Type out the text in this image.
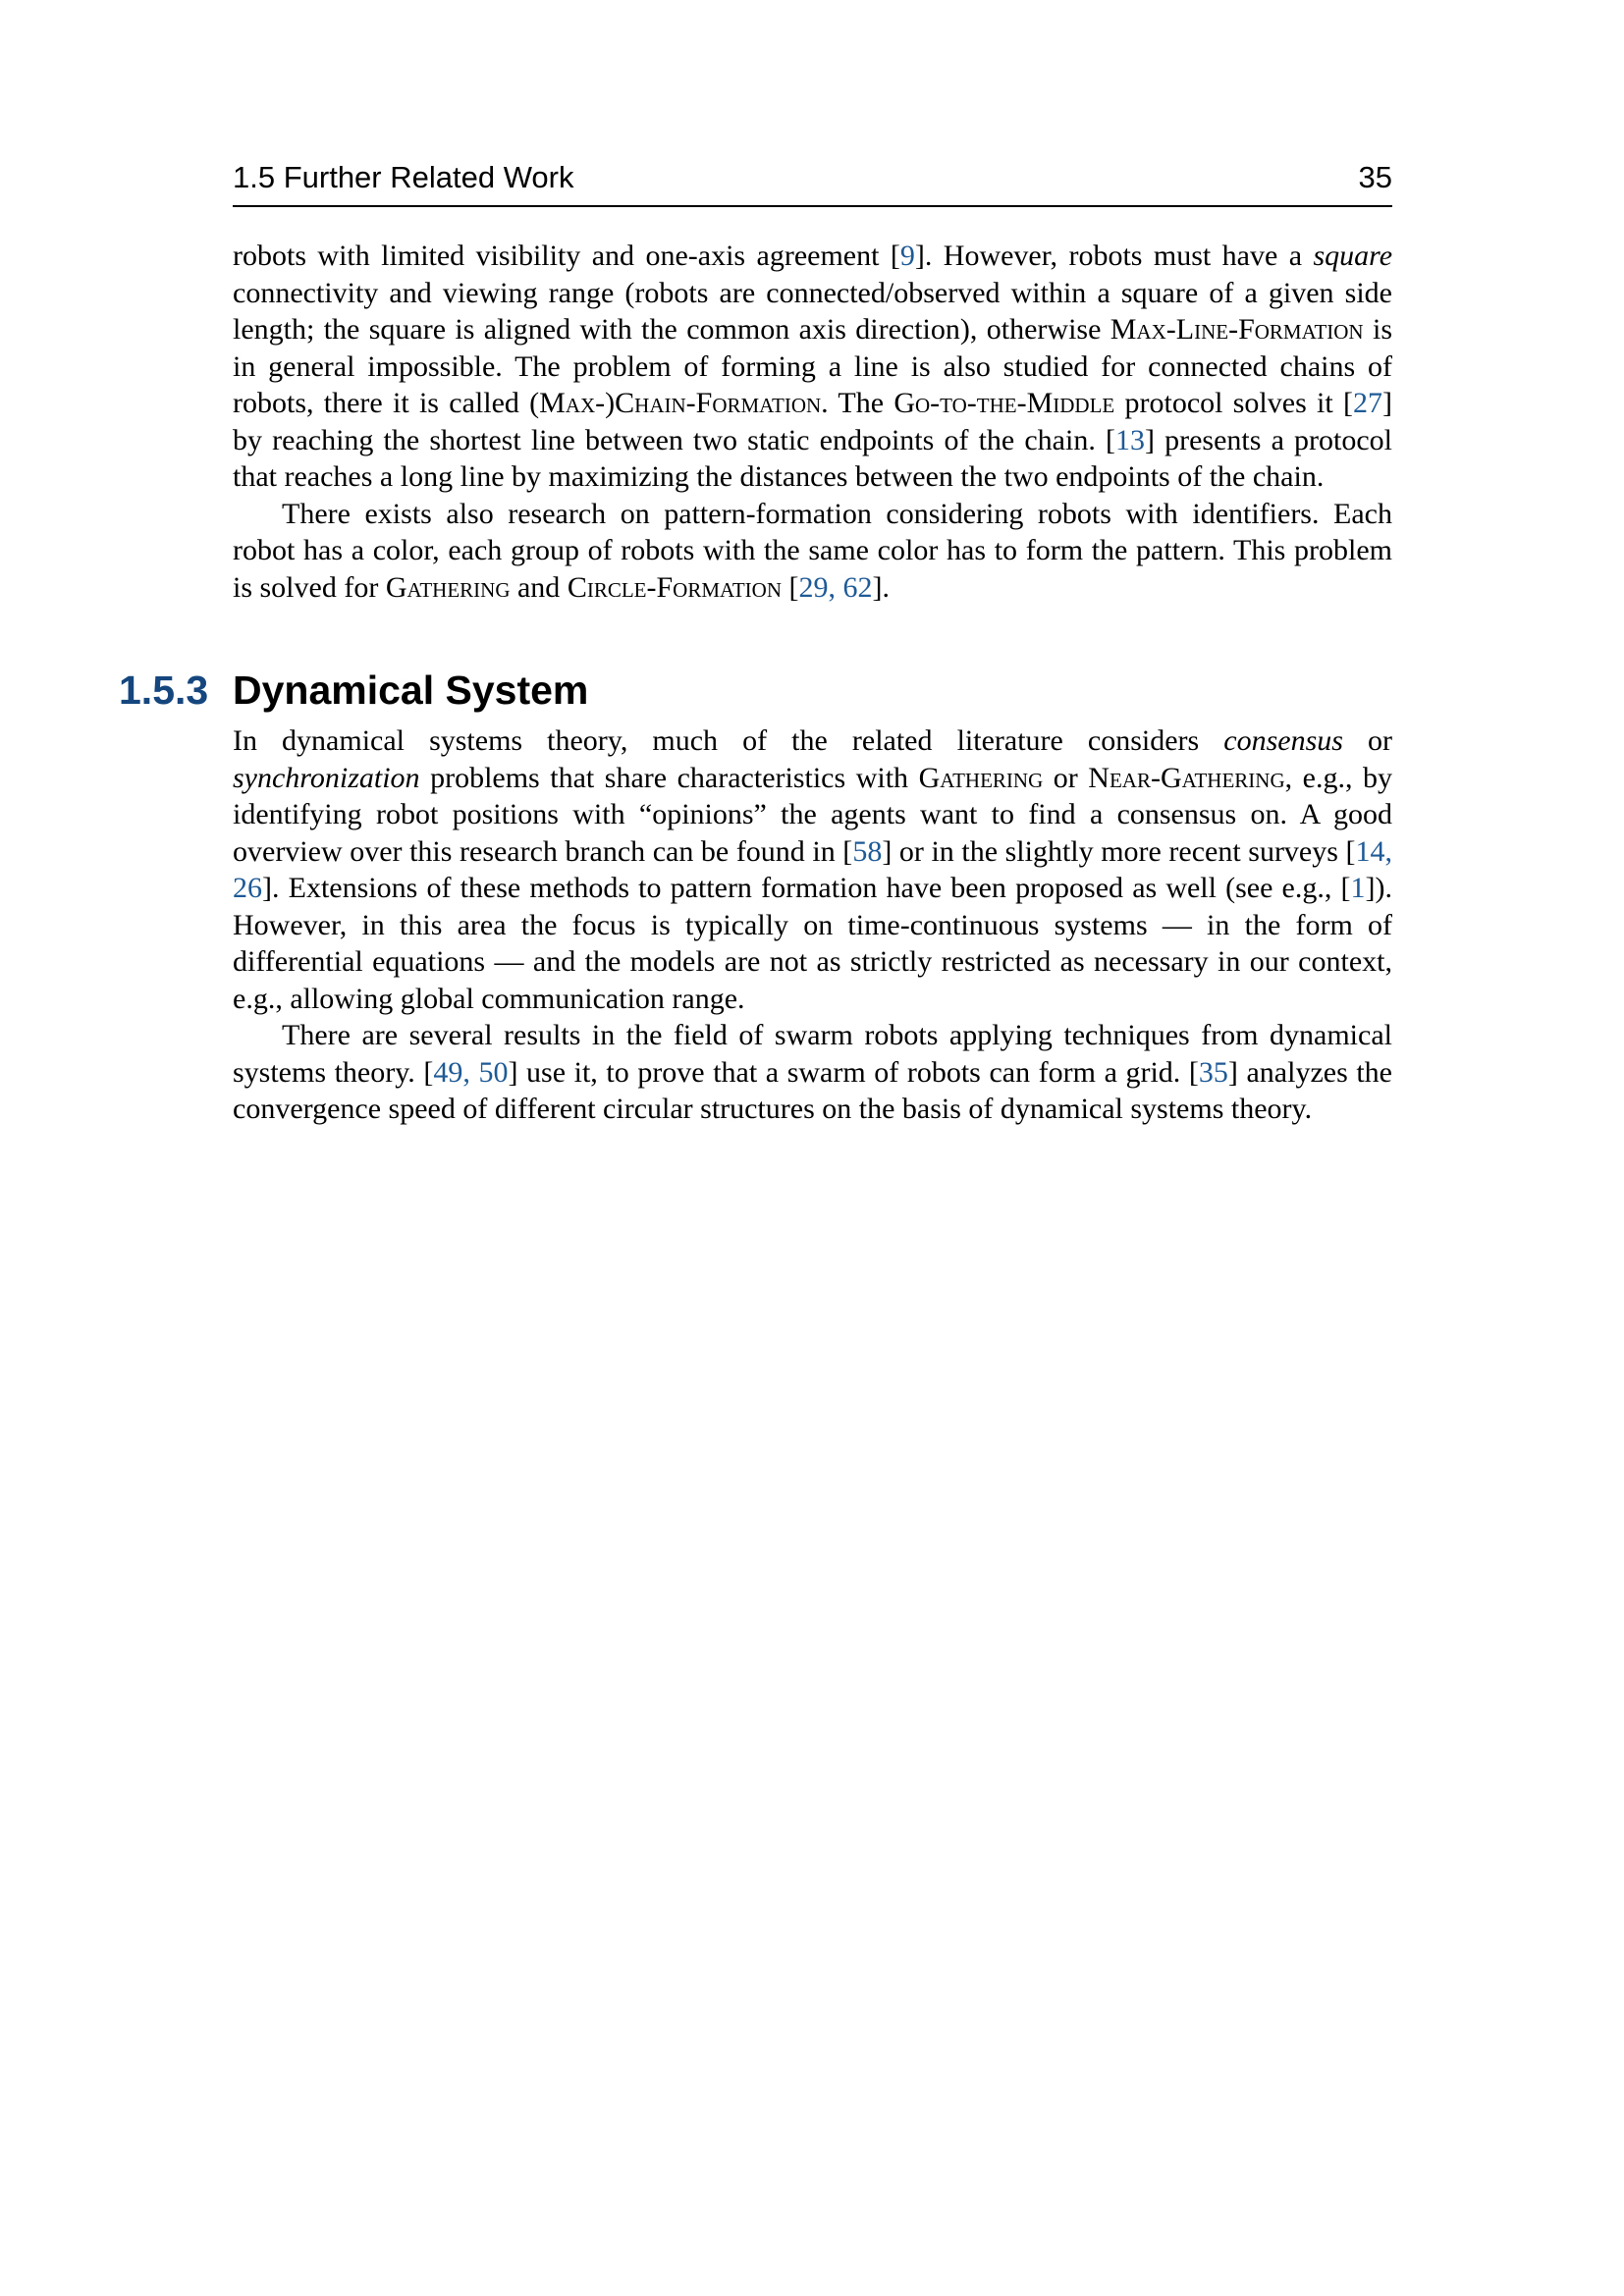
1.5 Further Related Work	35

robots with limited visibility and one-axis agreement [9]. However, robots must have a square connectivity and viewing range (robots are connected/observed within a square of a given side length; the square is aligned with the common axis direction), otherwise Max-Line-Formation is in general impossible. The problem of forming a line is also studied for connected chains of robots, there it is called (Max-)Chain-Formation. The Go-to-the-Middle protocol solves it [27] by reaching the shortest line between two static endpoints of the chain. [13] presents a protocol that reaches a long line by maximizing the distances between the two endpoints of the chain.

There exists also research on pattern-formation considering robots with identifiers. Each robot has a color, each group of robots with the same color has to form the pattern. This problem is solved for Gathering and Circle-Formation [29, 62].

1.5.3 Dynamical System

In dynamical systems theory, much of the related literature considers consensus or synchronization problems that share characteristics with Gathering or Near-Gathering, e.g., by identifying robot positions with “opinions” the agents want to find a consensus on. A good overview over this research branch can be found in [58] or in the slightly more recent surveys [14, 26]. Extensions of these methods to pattern formation have been proposed as well (see e.g., [1]). However, in this area the focus is typically on time-continuous systems — in the form of differential equations — and the models are not as strictly restricted as necessary in our context, e.g., allowing global communication range.

There are several results in the field of swarm robots applying techniques from dynamical systems theory. [49, 50] use it, to prove that a swarm of robots can form a grid. [35] analyzes the convergence speed of different circular structures on the basis of dynamical systems theory.
